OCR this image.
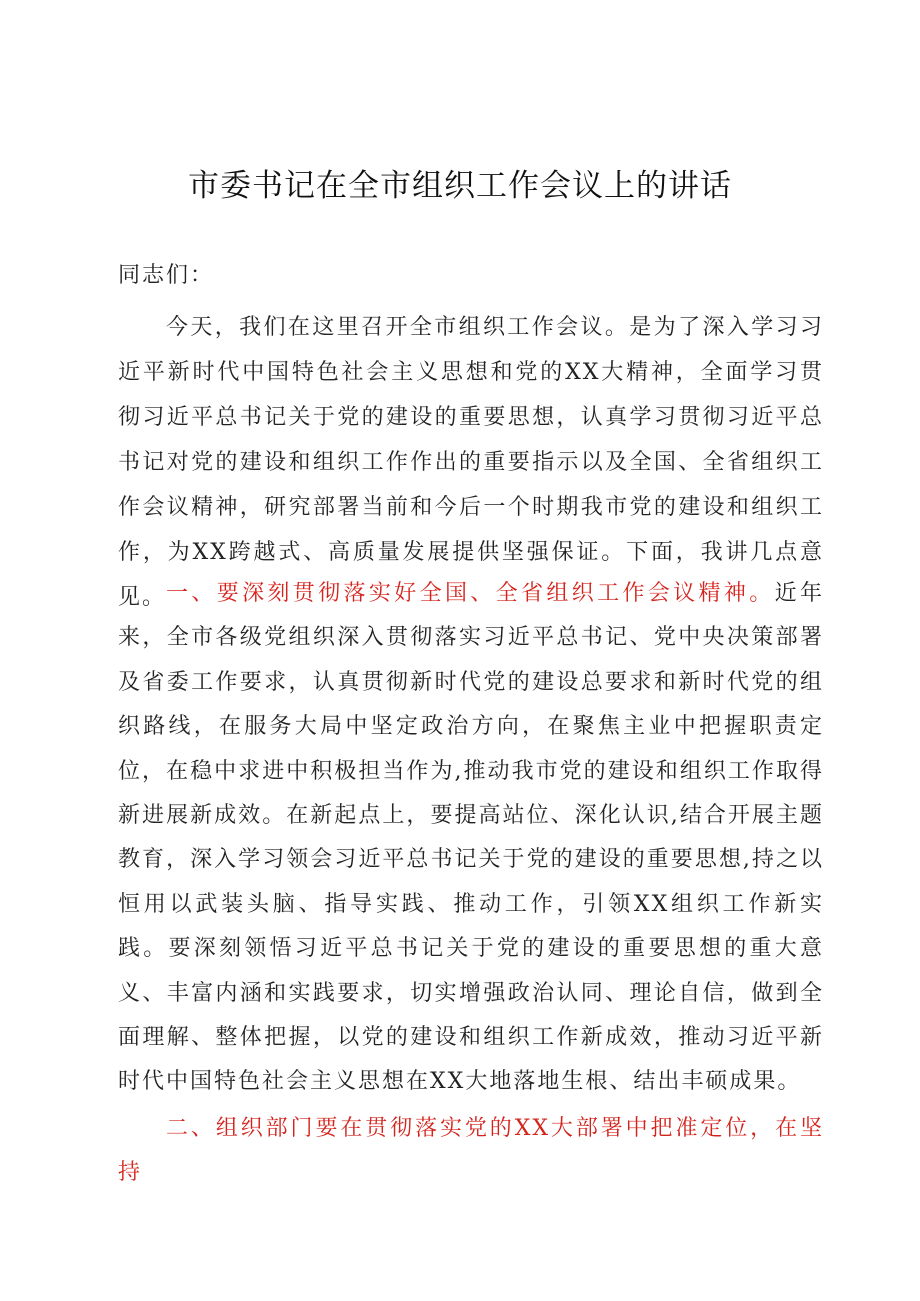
市委书记在全市组织工作会议上的讲话

同志们：

今天，我们在这里召开全市组织工作会议。是为了深入学习习近平新时代中国特色社会主义思想和党的XX大精神，全面学习贯彻习近平总书记关于党的建设的重要思想，认真学习贯彻习近平总书记对党的建设和组织工作作出的重要指示以及全国、全省组织工作会议精神，研究部署当前和今后一个时期我市党的建设和组织工作，为XX跨越式、高质量发展提供坚强保证。下面，我讲几点意见。 一、要深刻贯彻落实好全国、全省组织工作会议精神。近年来，全市各级党组织深入贯彻落实习近平总书记、党中央决策部署及省委工作要求，认真贯彻新时代党的建设总要求和新时代党的组织路线，在服务大局中坚定政治方向，在聚焦主业中把握职责定位，在稳中求进中积极担当作为,推动我市党的建设和组织工作取得新进展新成效。在新起点上，要提高站位、深化认识,结合开展主题教育，深入学习领会习近平总书记关于党的建设的重要思想,持之以恒用以武装头脑、指导实践、推动工作，引领XX组织工作新实践。要深刻领悟习近平总书记关于党的建设的重要思想的重大意义、丰富内涵和实践要求，切实增强政治认同、理论自信，做到全面理解、整体把握，以党的建设和组织工作新成效，推动习近平新时代中国特色社会主义思想在XX大地落地生根、结出丰硕成果。

二、组织部门要在贯彻落实党的XX大部署中把准定位，在坚持
